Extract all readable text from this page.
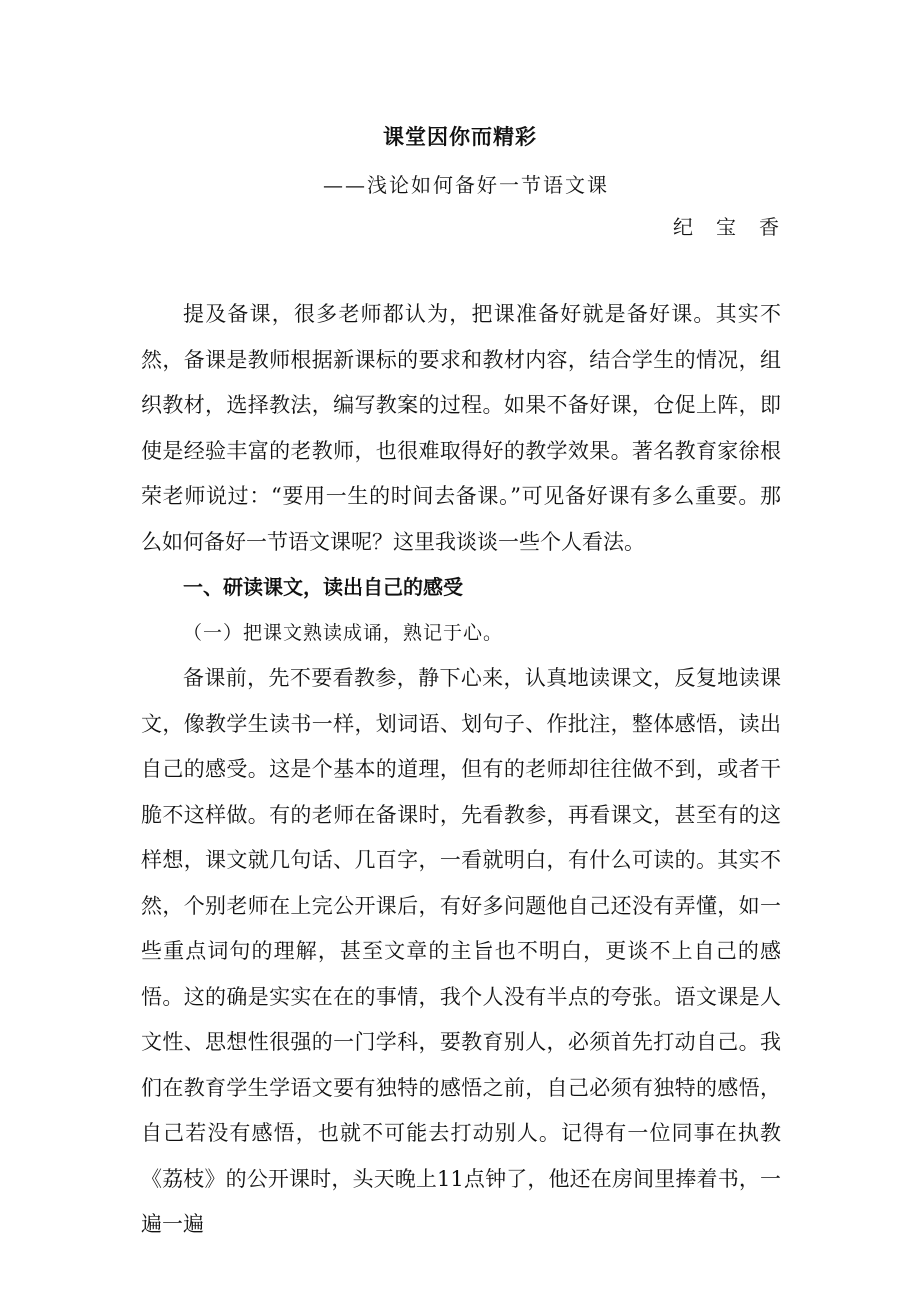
课堂因你而精彩
——浅论如何备好一节语文课
纪 宝 香

提及备课，很多老师都认为，把课准备好就是备好课。其实不然，备课是教师根据新课标的要求和教材内容，结合学生的情况，组织教材，选择教法，编写教案的过程。如果不备好课，仓促上阵，即使是经验丰富的老教师，也很难取得好的教学效果。著名教育家徐根荣老师说过：“要用一生的时间去备课。”可见备好课有多么重要。那么如何备好一节语文课呢？这里我谈谈一些个人看法。

一、研读课文，读出自己的感受

（一）把课文熟读成诵，熟记于心。

备课前，先不要看教参，静下心来，认真地读课文，反复地读课文，像教学生读书一样，划词语、划句子、作批注，整体感悟，读出自己的感受。这是个基本的道理，但有的老师却往往做不到，或者干脆不这样做。有的老师在备课时，先看教参，再看课文，甚至有的这样想，课文就几句话、几百字，一看就明白，有什么可读的。其实不然，个别老师在上完公开课后，有好多问题他自己还没有弄懂，如一些重点词句的理解，甚至文章的主旨也不明白，更谈不上自己的感悟。这的确是实实在在的事情，我个人没有半点的夸张。语文课是人文性、思想性很强的一门学科，要教育别人，必须首先打动自己。我们在教育学生学语文要有独特的感悟之前，自己必须有独特的感悟，自己若没有感悟，也就不可能去打动别人。记得有一位同事在执教《荔枝》的公开课时，头天晚上11点钟了，他还在房间里捧着书，一遍一遍
